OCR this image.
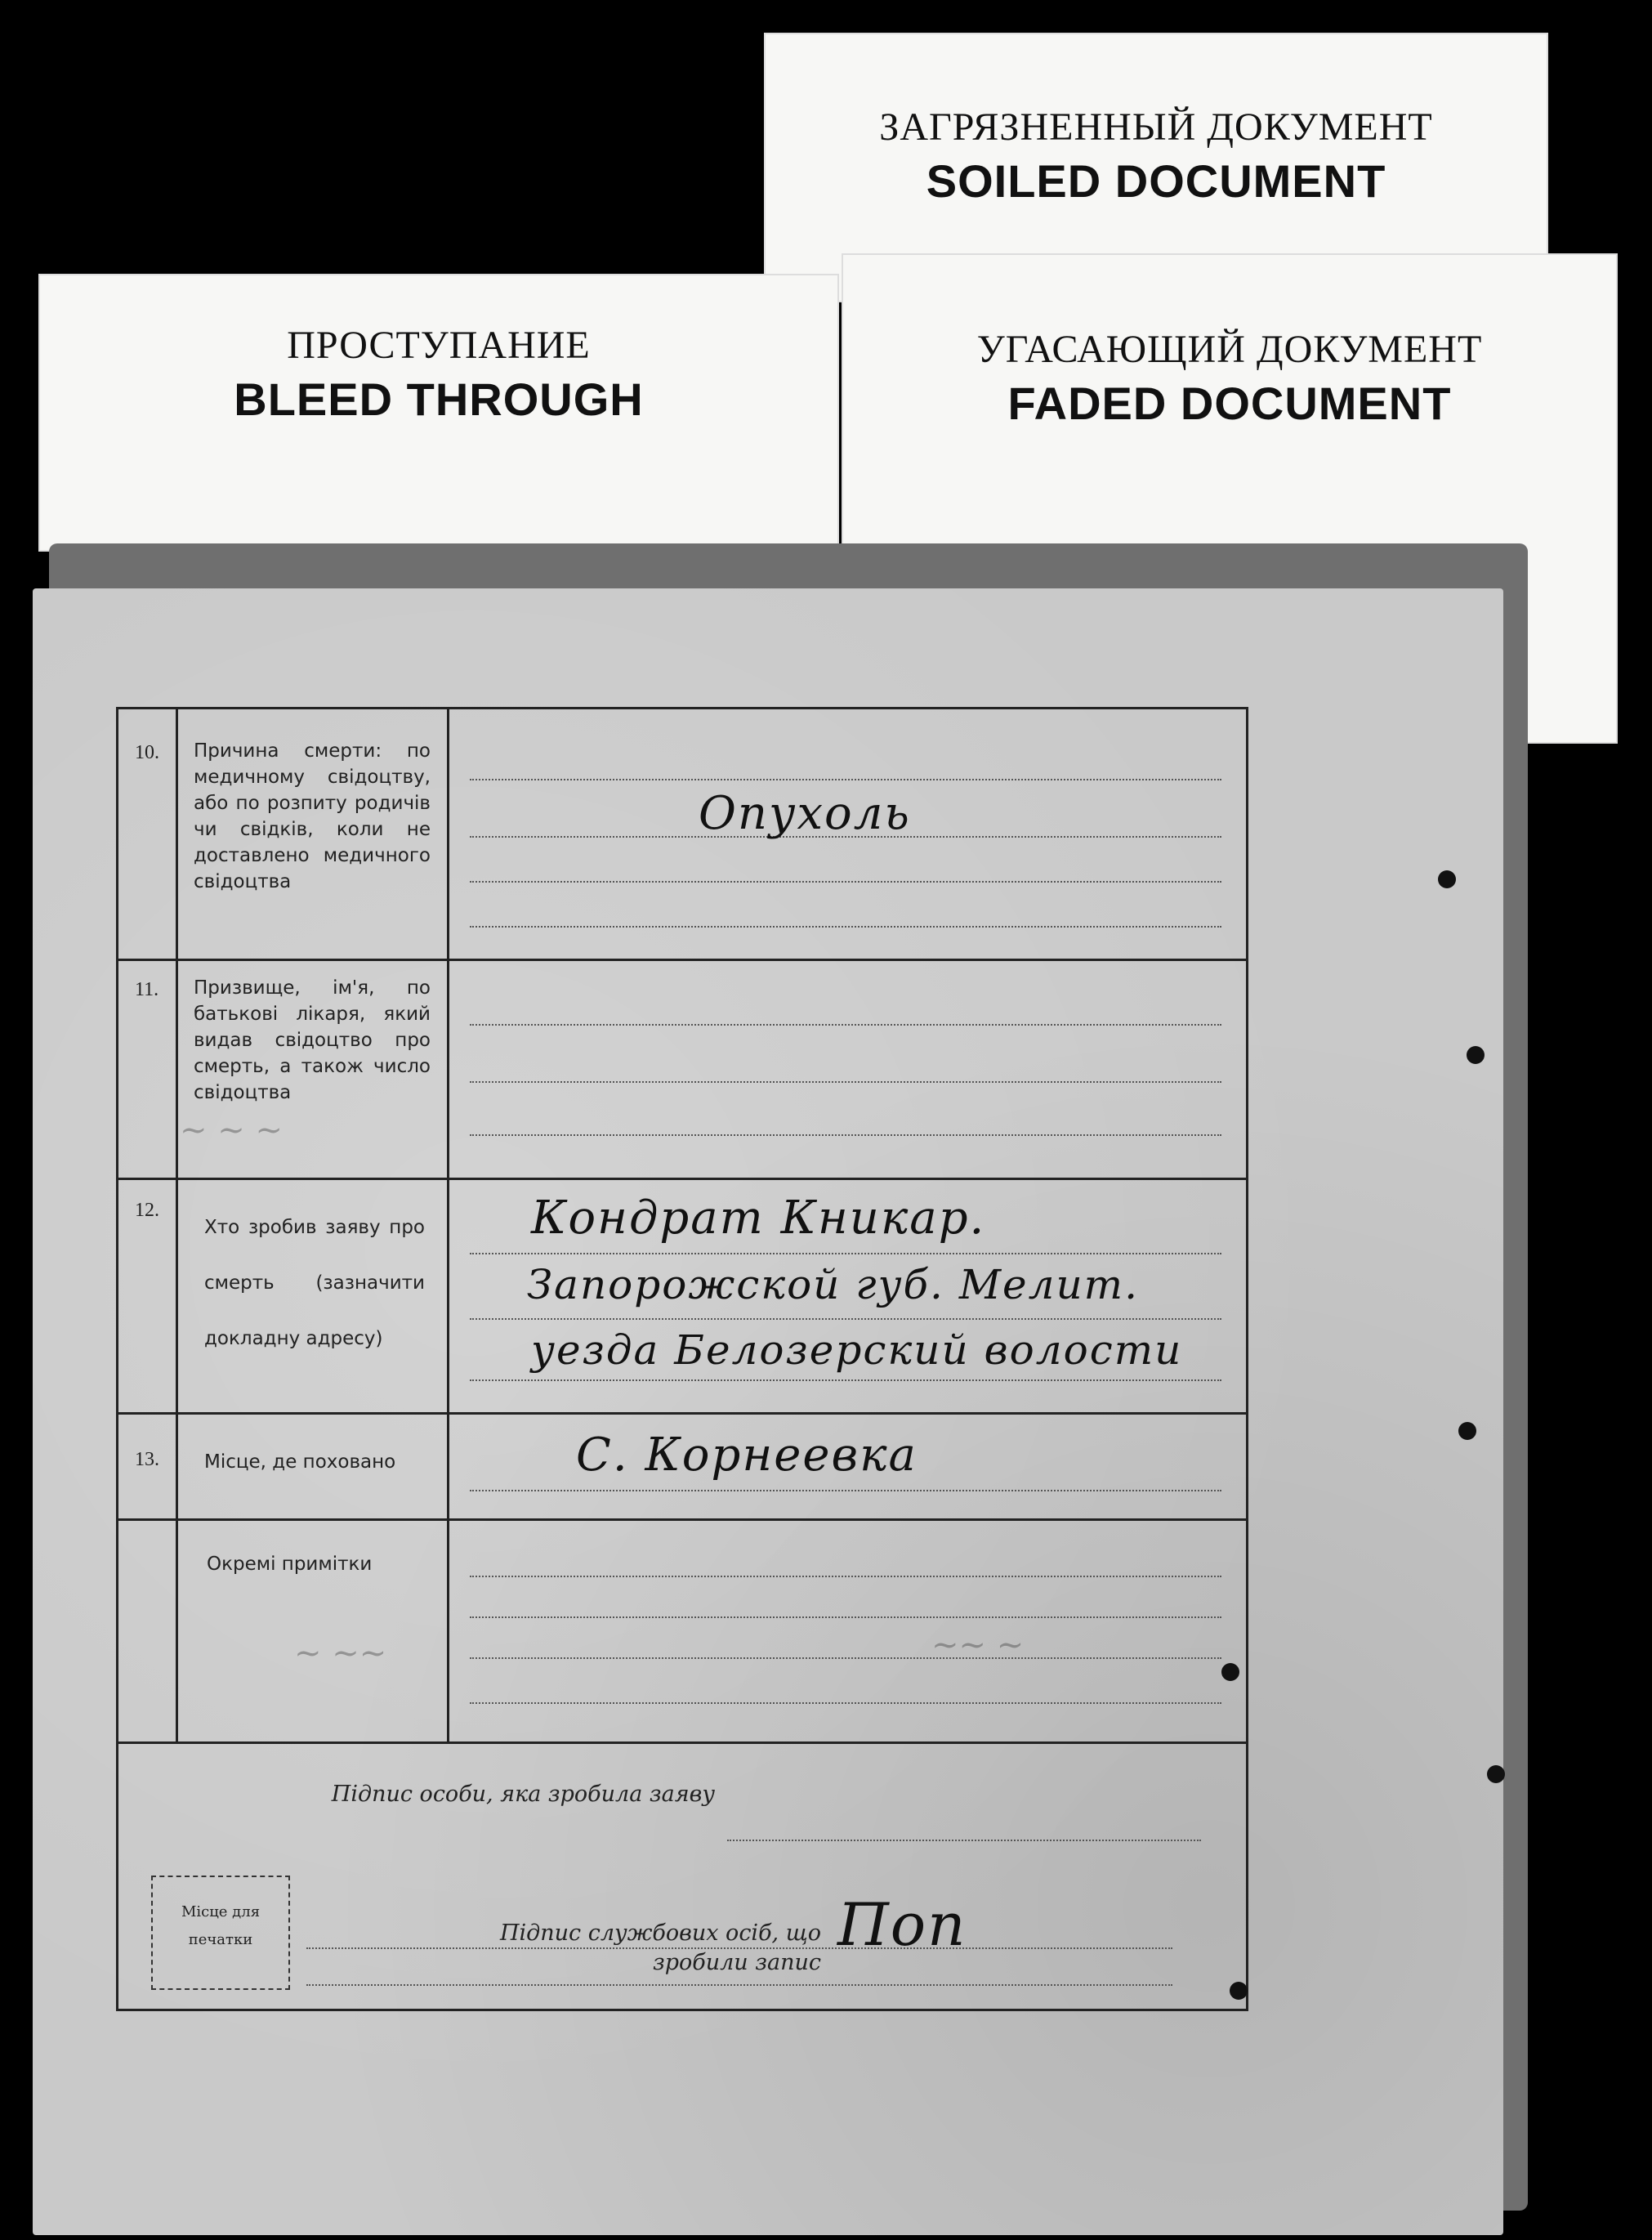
ЗАГРЯЗНЕННЫЙ ДОКУМЕНТ
SOILED DOCUMENT
УГАСАЮЩИЙ ДОКУМЕНТ
FADED DOCUMENT
ПРОСТУПАНИЕ
BLEED THROUGH
~ ~ ~
~~ ~
~ ~~
10. Причина смерти: по медичному свідоцтву, або по розпиту родичів чи свідків, коли не доставлено медичного свідоцтва
Опухоль
11. Призвище, ім'я, по батькові лікаря, який видав свідоцтво про смерть, а також число свідоцтва
12.
Хто зробив заяву про смерть (зазначити докладну адресу)
Кондрат Кникар.
Запорожской губ. Мелит.
уезда Белозерский волости
13. Місце, де поховано	С. Корнеевка
Окремі примітки
Підпис особи, яка зробила заяву
Підпис службових осіб, що зробили запис
Поп
Місце для
печатки
